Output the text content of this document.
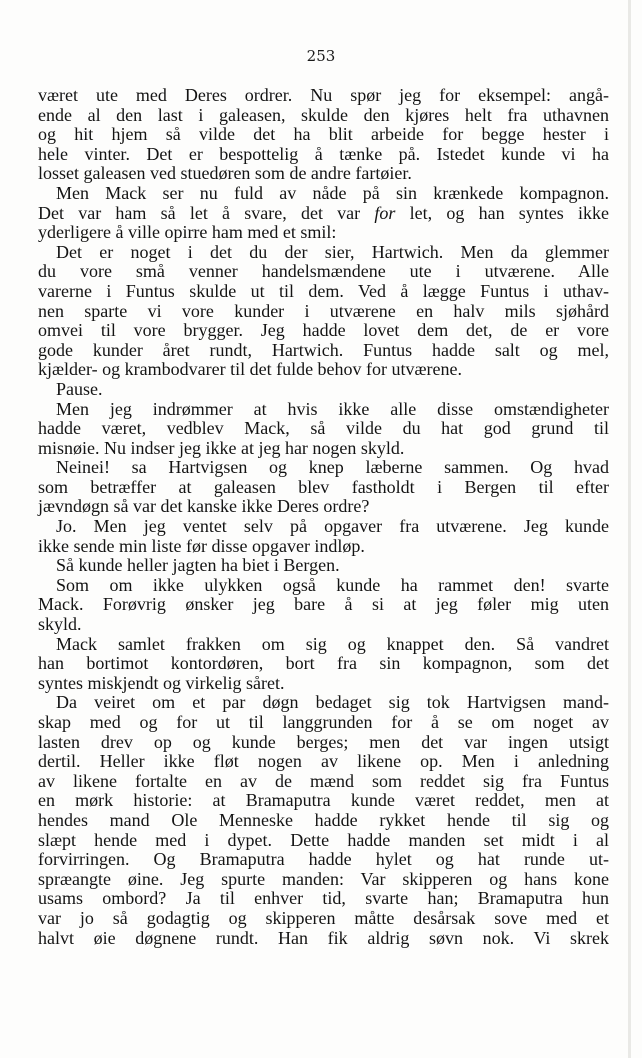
253

været ute med Deres ordrer. Nu spør jeg for eksempel: angå-
ende al den last i galeasen, skulde den kjøres helt fra uthavnen
og hit hjem så vilde det ha blit arbeide for begge hester i
hele vinter. Det er bespottelig å tænke på. Istedet kunde vi ha
losset galeasen ved stuedøren som de andre fartøier.
Men Mack ser nu fuld av nåde på sin krænkede kompagnon.
Det var ham så let å svare, det var for let, og han syntes ikke
yderligere å ville opirre ham med et smil:
Det er noget i det du der sier, Hartwich. Men da glemmer
du vore små venner handelsmændene ute i utværene. Alle
varerne i Funtus skulde ut til dem. Ved å lægge Funtus i uthav-
nen sparte vi vore kunder i utværene en halv mils sjøhård
omvei til vore brygger. Jeg hadde lovet dem det, de er vore
gode kunder året rundt, Hartwich. Funtus hadde salt og mel,
kjælder- og krambodvarer til det fulde behov for utværene.
Pause.
Men jeg indrømmer at hvis ikke alle disse omstændigheter
hadde været, vedblev Mack, så vilde du hat god grund til
misnøie. Nu indser jeg ikke at jeg har nogen skyld.
Neinei! sa Hartvigsen og knep læberne sammen. Og hvad
som betræffer at galeasen blev fastholdt i Bergen til efter
jævndøgn så var det kanske ikke Deres ordre?
Jo. Men jeg ventet selv på opgaver fra utværene. Jeg kunde
ikke sende min liste før disse opgaver indløp.
Så kunde heller jagten ha biet i Bergen.
Som om ikke ulykken også kunde ha rammet den! svarte
Mack. Forøvrig ønsker jeg bare å si at jeg føler mig uten
skyld.
Mack samlet frakken om sig og knappet den. Så vandret
han bortimot kontordøren, bort fra sin kompagnon, som det
syntes miskjendt og virkelig såret.
Da veiret om et par døgn bedaget sig tok Hartvigsen mand-
skap med og for ut til langgrunden for å se om noget av
lasten drev op og kunde berges; men det var ingen utsigt
dertil. Heller ikke fløt nogen av likene op. Men i anledning
av likene fortalte en av de mænd som reddet sig fra Funtus
en mørk historie: at Bramaputra kunde været reddet, men at
hendes mand Ole Menneske hadde rykket hende til sig og
slæpt hende med i dypet. Dette hadde manden set midt i al
forvirringen. Og Bramaputra hadde hylet og hat runde ut-
spræangte øine. Jeg spurte manden: Var skipperen og hans kone
usams ombord? Ja til enhver tid, svarte han; Bramaputra hun
var jo så godagtig og skipperen måtte desårsak sove med et
halvt øie døgnene rundt. Han fik aldrig søvn nok. Vi skrek
